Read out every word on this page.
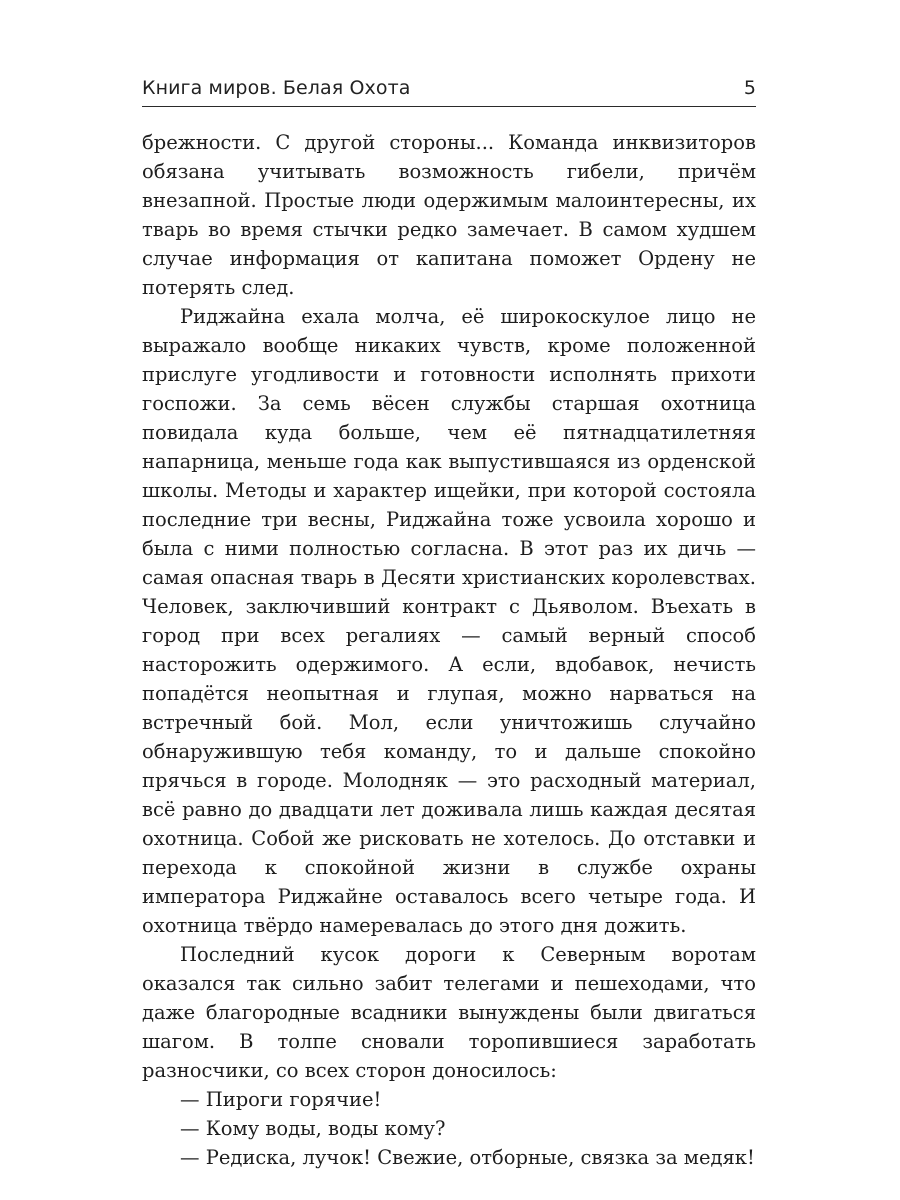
Книга миров. Белая Охота	5

брежности. С другой стороны... Команда инквизиторов обязана учитывать возможность гибели, причём внезапной. Простые люди одержимым малоинтересны, их тварь во время стычки редко замечает. В самом худшем случае информация от капитана поможет Ордену не потерять след.

Риджайна ехала молча, её широкоскулое лицо не выражало вообще никаких чувств, кроме положенной прислуге угодливости и готовности исполнять прихоти госпожи. За семь вёсен службы старшая охотница повидала куда больше, чем её пятнадцатилетняя напарница, меньше года как выпустившаяся из орденской школы. Методы и характер ищейки, при которой состояла последние три весны, Риджайна тоже усвоила хорошо и была с ними полностью согласна. В этот раз их дичь — самая опасная тварь в Десяти христианских королевствах. Человек, заключивший контракт с Дьяволом. Въехать в город при всех регалиях — самый верный способ насторожить одержимого. А если, вдобавок, нечисть попадётся неопытная и глупая, можно нарваться на встречный бой. Мол, если уничтожишь случайно обнаружившую тебя команду, то и дальше спокойно прячься в городе. Молодняк — это расходный материал, всё равно до двадцати лет доживала лишь каждая десятая охотница. Собой же рисковать не хотелось. До отставки и перехода к спокойной жизни в службе охраны императора Риджайне оставалось всего четыре года. И охотница твёрдо намеревалась до этого дня дожить.

Последний кусок дороги к Северным воротам оказался так сильно забит телегами и пешеходами, что даже благородные всадники вынуждены были двигаться шагом. В толпе сновали торопившиеся заработать разносчики, со всех сторон доносилось:

— Пироги горячие!

— Кому воды, воды кому?

— Редиска, лучок! Свежие, отборные, связка за медяк!
